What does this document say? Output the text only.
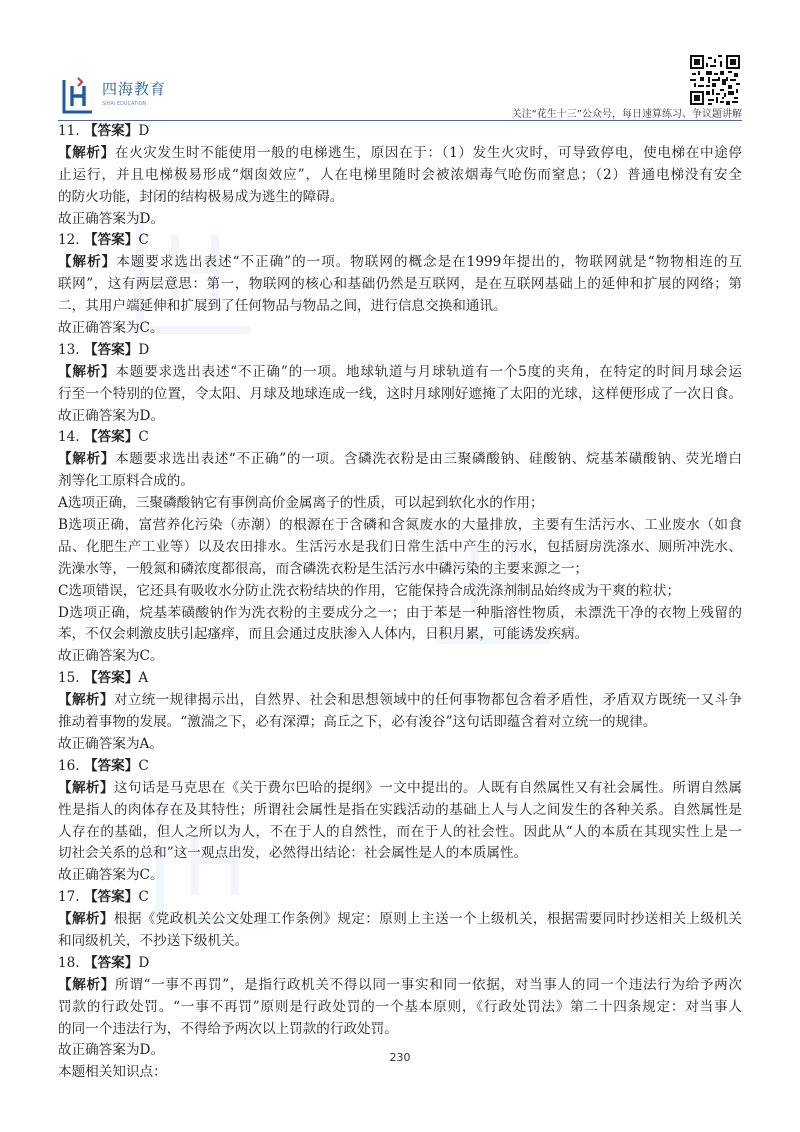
四海教育
SIHAI EDUCATION
关注“花生十三”公众号，每日速算练习、争议题讲解
11. 【答案】D
【解析】在火灾发生时不能使用一般的电梯逃生，原因在于：（1）发生火灾时，可导致停电，使电梯在中途停
止运行，并且电梯极易形成“烟囱效应”，人在电梯里随时会被浓烟毒气呛伤而窒息；（2）普通电梯没有安全
的防火功能，封闭的结构极易成为逃生的障碍。
故正确答案为D。
12. 【答案】C
【解析】本题要求选出表述“不正确”的一项。物联网的概念是在1999年提出的，物联网就是“物物相连的互
联网”，这有两层意思：第一，物联网的核心和基础仍然是互联网，是在互联网基础上的延伸和扩展的网络；第
二，其用户端延伸和扩展到了任何物品与物品之间，进行信息交换和通讯。
故正确答案为C。
13. 【答案】D
【解析】本题要求选出表述“不正确”的一项。地球轨道与月球轨道有一个5度的夹角，在特定的时间月球会运
行至一个特别的位置，令太阳、月球及地球连成一线，这时月球刚好遮掩了太阳的光球，这样便形成了一次日食。
故正确答案为D。
14. 【答案】C
【解析】本题要求选出表述“不正确”的一项。含磷洗衣粉是由三聚磷酸钠、硅酸钠、烷基苯磺酸钠、荧光增白
剂等化工原料合成的。
A选项正确，三聚磷酸钠它有事例高价金属离子的性质，可以起到软化水的作用；
B选项正确，富营养化污染（赤潮）的根源在于含磷和含氮废水的大量排放，主要有生活污水、工业废水（如食
品、化肥生产工业等）以及农田排水。生活污水是我们日常生活中产生的污水，包括厨房洗涤水、厕所冲洗水、
洗澡水等，一般氮和磷浓度都很高，而含磷洗衣粉是生活污水中磷污染的主要来源之一；
C选项错误，它还具有吸收水分防止洗衣粉结块的作用，它能保持合成洗涤剂制品始终成为干爽的粒状；
D选项正确，烷基苯磺酸钠作为洗衣粉的主要成分之一；由于苯是一种脂溶性物质，未漂洗干净的衣物上残留的
苯，不仅会刺激皮肤引起瘙痒，而且会通过皮肤渗入人体内，日积月累，可能诱发疾病。
故正确答案为C。
15. 【答案】A
【解析】对立统一规律揭示出，自然界、社会和思想领域中的任何事物都包含着矛盾性，矛盾双方既统一又斗争
推动着事物的发展。“激湍之下，必有深潭；高丘之下，必有浚谷”这句话即蕴含着对立统一的规律。
故正确答案为A。
16. 【答案】C
【解析】这句话是马克思在《关于费尔巴哈的提纲》一文中提出的。人既有自然属性又有社会属性。所谓自然属
性是指人的肉体存在及其特性；所谓社会属性是指在实践活动的基础上人与人之间发生的各种关系。自然属性是
人存在的基础，但人之所以为人，不在于人的自然性，而在于人的社会性。因此从“人的本质在其现实性上是一
切社会关系的总和”这一观点出发，必然得出结论：社会属性是人的本质属性。
故正确答案为C。
17. 【答案】C
【解析】根据《党政机关公文处理工作条例》规定：原则上主送一个上级机关，根据需要同时抄送相关上级机关
和同级机关，不抄送下级机关。
18. 【答案】D
【解析】所谓“一事不再罚”，是指行政机关不得以同一事实和同一依据，对当事人的同一个违法行为给予两次
罚款的行政处罚。“一事不再罚”原则是行政处罚的一个基本原则，《行政处罚法》第二十四条规定：对当事人
的同一个违法行为，不得给予两次以上罚款的行政处罚。
故正确答案为D。
本题相关知识点：
230
